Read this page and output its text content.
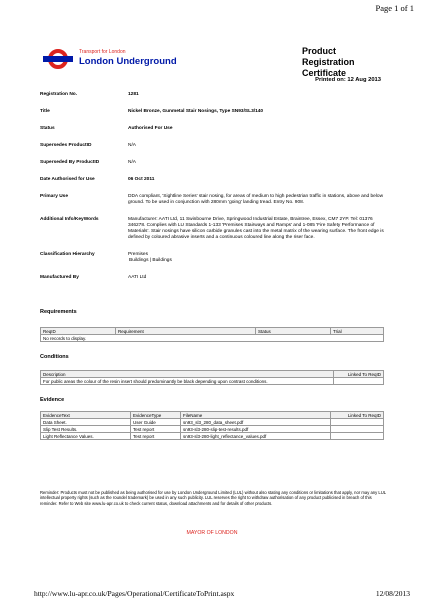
Page 1 of 1
Transport for London
London Underground
Product Registration Certificate
Printed on: 12 Aug 2013
Registration No.	1281
Title	Nickel Bronze, Gunmetal Stair Nosings, Type SN93/SL3/140
Status	Authorised For Use
Supersedes ProductID	N/A
Superseded By ProductID	N/A
Date Authorised for Use	06 Oct 2011
Primary Use	DDA compliant, 'Sightline Series' stair nosing, for areas of medium to high pedestrian traffic in stations, above and below ground. To be used in conjunction with 280mm 'going' landing tread. Entry No. 908.
Additional Info/KeyWords	Manufacturer: AATI Ltd, 11 Swinbourne Drive, Springwood Industrial Estate, Braintree, Essex, CM7 2YP. Tel: 01376 346278. Complies with LU Standards 1-133 'Premises Stairways and Ramps' and 1-085 'Fire Safety Performance of Materials'. Stair nosings have silicon carbide granules cast into the metal matrix of the wearing surface. The front edge is defined by coloured abrasive inserts and a continuous coloured line along the riser face.
Classification Hierarchy	Premises
Buildings | Buildings
Manufactured By	AATI Ltd
Requirements
ReqID	Requirement	Status	Trial
No records to display.
Conditions
Description	Linked To ReqID
For public areas the colour of the resin insert should predominantly be black depending upon contrast conditions.	
Evidence
EvidenceText	EvidenceType	FileName	Linked To ReqID
Data Sheet.	User Guide	sn93_sl3_280_data_sheet.pdf	
Slip Test Results.	Test report	sn93-sl3-280-slip-test-results.pdf	
Light Reflectance Values.	Test report	sn93-sl3-280-light_reflectance_values.pdf	
Reminder: Products must not be published as being authorised for use by London Underground Limited (LUL) without also stating any conditions or limitations that apply, nor may any LUL intellectual property rights (such as the roundel trademark) be used in any such publicity. LUL reserves the right to withdraw authorisation of any product publicised in breach of this reminder. Refer to Web site www.lu-apr.co.uk to check current status, download attachments and for details of other products.
MAYOR OF LONDON
http://www.lu-apr.co.uk/Pages/Operational/CertificateToPrint.aspx	12/08/2013
